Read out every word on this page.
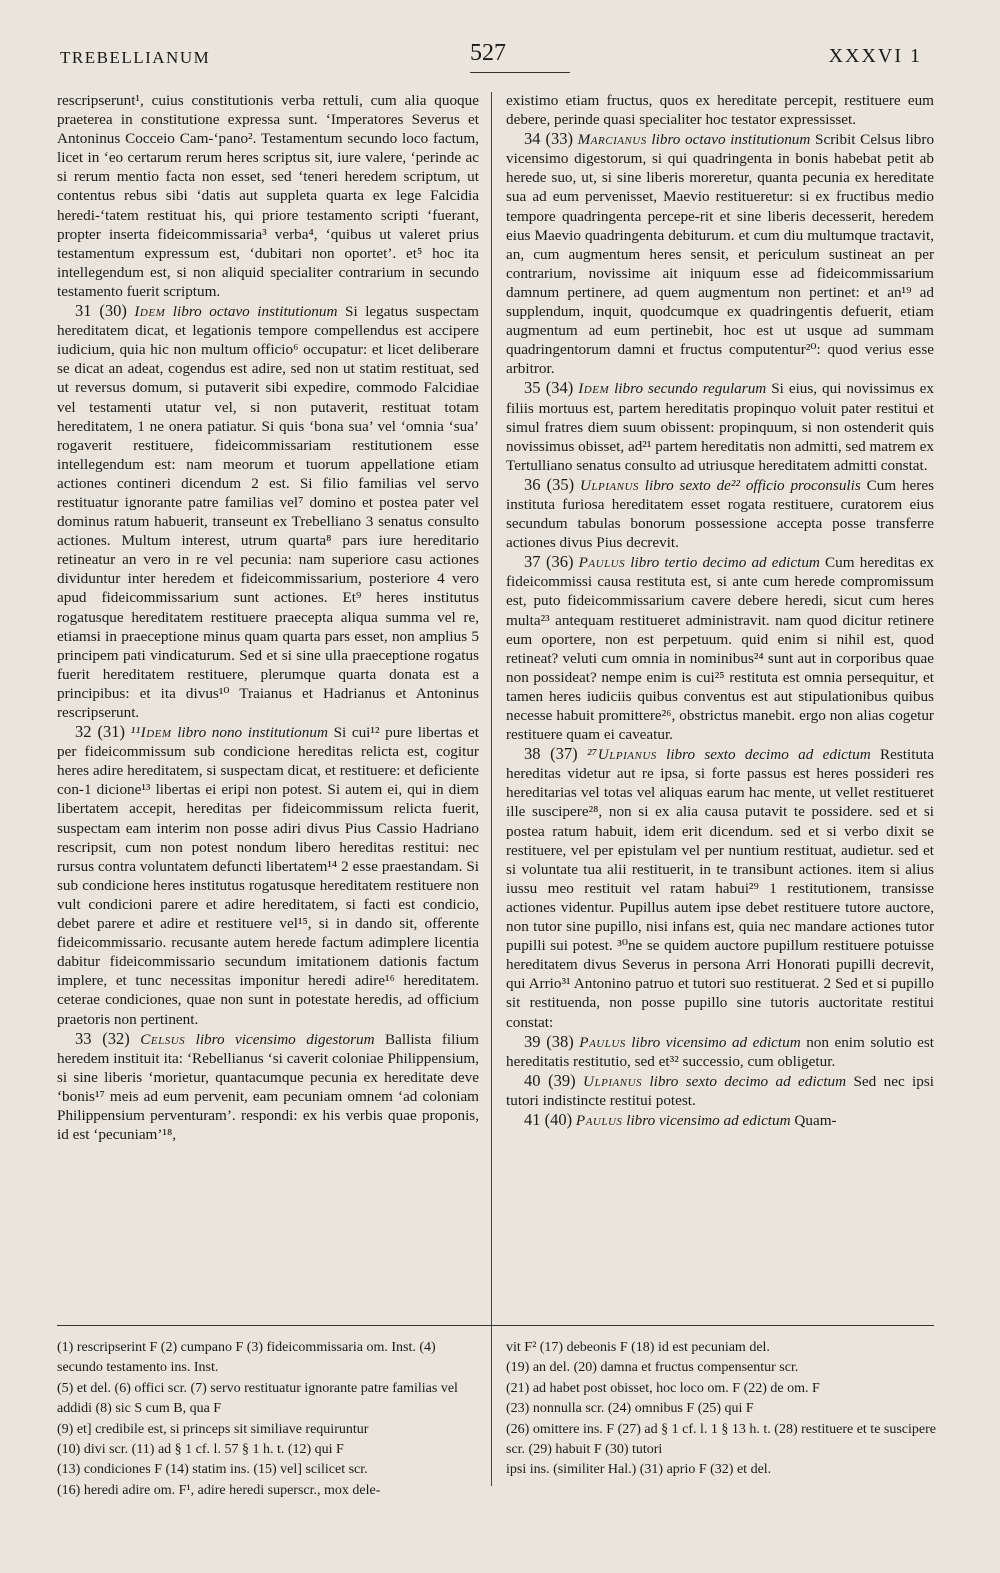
TREBELLIANUM	527	XXXVI 1

rescripserunt¹, cuius constitutionis verba rettuli, cum alia quoque praeterea in constitutione expressa sunt. ‘Imperatores Severus et Antoninus Cocceio Cam-‘pano². Testamentum secundo loco factum, licet in ‘eo certarum rerum heres scriptus sit, iure valere, ‘perinde ac si rerum mentio facta non esset, sed ‘teneri heredem scriptum, ut contentus rebus sibi ‘datis aut suppleta quarta ex lege Falcidia heredi-‘tatem restituat his, qui priore testamento scripti ‘fuerant, propter inserta fideicommissaria³ verba⁴, ‘quibus ut valeret prius testamentum expressum est, ‘dubitari non oportet’. et⁵ hoc ita intellegendum est, si non aliquid specialiter contrarium in secundo testamento fuerit scriptum.

31 (30) Idem libro octavo institutionum Si legatus suspectam hereditatem dicat, et legationis tempore compellendus est accipere iudicium, quia hic non multum officio⁶ occupatur: et licet deliberare se dicat an adeat, cogendus est adire, sed non ut statim restituat, sed ut reversus domum, si putaverit sibi expedire, commodo Falcidiae vel testamenti utatur vel, si non putaverit, restituat totam hereditatem, 1 ne onera patiatur. Si quis ‘bona sua’ vel ‘omnia ‘sua’ rogaverit restituere, fideicommissariam restitutionem esse intellegendum est: nam meorum et tuorum appellatione etiam actiones contineri dicendum 2 est. Si filio familias vel servo restituatur ignorante patre familias vel⁷ domino et postea pater vel dominus ratum habuerit, transeunt ex Trebelliano 3 senatus consulto actiones. Multum interest, utrum quarta⁸ pars iure hereditario retineatur an vero in re vel pecunia: nam superiore casu actiones dividuntur inter heredem et fideicommissarium, posteriore 4 vero apud fideicommissarium sunt actiones. Et⁹ heres institutus rogatusque hereditatem restituere praecepta aliqua summa vel re, etiamsi in praeceptione minus quam quarta pars esset, non amplius 5 principem pati vindicaturum. Sed et si sine ulla praeceptione rogatus fuerit hereditatem restituere, plerumque quarta donata est a principibus: et ita divus¹⁰ Traianus et Hadrianus et Antoninus rescripserunt.

32 (31) ¹¹Idem libro nono institutionum Si cui¹² pure libertas et per fideicommissum sub condicione hereditas relicta est, cogitur heres adire hereditatem, si suspectam dicat, et restituere: et deficiente con-1 dicione¹³ libertas ei eripi non potest. Si autem ei, qui in diem libertatem accepit, hereditas per fideicommissum relicta fuerit, suspectam eam interim non posse adiri divus Pius Cassio Hadriano rescripsit, cum non potest nondum libero hereditas restitui: nec rursus contra voluntatem defuncti libertatem¹⁴ 2 esse praestandam. Si sub condicione heres institutus rogatusque hereditatem restituere non vult condicioni parere et adire hereditatem, si facti est condicio, debet parere et adire et restituere vel¹⁵, si in dando sit, offerente fideicommissario. recusante autem herede factum adimplere licentia dabitur fideicommissario secundum imitationem dationis factum implere, et tunc necessitas imponitur heredi adire¹⁶ hereditatem. ceterae condiciones, quae non sunt in potestate heredis, ad officium praetoris non pertinent.

33 (32) Celsus libro vicensimo digestorum Ballista filium heredem instituit ita: ‘Rebellianus ‘si caverit coloniae Philippensium, si sine liberis ‘morietur, quantacumque pecunia ex hereditate deve ‘bonis¹⁷ meis ad eum pervenit, eam pecuniam omnem ‘ad coloniam Philippensium perventuram’. respondi: ex his verbis quae proponis, id est ‘pecuniam’¹⁸,

existimo etiam fructus, quos ex hereditate percepit, restituere eum debere, perinde quasi specialiter hoc testator expressisset.

34 (33) Marcianus libro octavo institutionum Scribit Celsus libro vicensimo digestorum, si qui quadringenta in bonis habebat petit ab herede suo, ut, si sine liberis moreretur, quanta pecunia ex hereditate sua ad eum pervenisset, Maevio restitueretur: si ex fructibus medio tempore quadringenta percepe-rit et sine liberis decesserit, heredem eius Maevio quadringenta debiturum. et cum diu multumque tractavit, an, cum augmentum heres sensit, et periculum sustineat an per contrarium, novissime ait iniquum esse ad fideicommissarium damnum pertinere, ad quem augmentum non pertinet: et an¹⁹ ad supplendum, inquit, quodcumque ex quadringentis defuerit, etiam augmentum ad eum pertinebit, hoc est ut usque ad summam quadringentorum damni et fructus computentur²⁰: quod verius esse arbitror.

35 (34) Idem libro secundo regularum Si eius, qui novissimus ex filiis mortuus est, partem hereditatis propinquo voluit pater restitui et simul fratres diem suum obissent: propinquum, si non ostenderit quis novissimus obisset, ad²¹ partem hereditatis non admitti, sed matrem ex Tertulliano senatus consulto ad utriusque hereditatem admitti constat.

36 (35) Ulpianus libro sexto de²² officio proconsulis Cum heres instituta furiosa hereditatem esset rogata restituere, curatorem eius secundum tabulas bonorum possessione accepta posse transferre actiones divus Pius decrevit.

37 (36) Paulus libro tertio decimo ad edictum Cum hereditas ex fideicommissi causa restituta est, si ante cum herede compromissum est, puto fideicommissarium cavere debere heredi, sicut cum heres multa²³ antequam restitueret administravit. nam quod dicitur retinere eum oportere, non est perpetuum. quid enim si nihil est, quod retineat? veluti cum omnia in nominibus²⁴ sunt aut in corporibus quae non possideat? nempe enim is cui²⁵ restituta est omnia persequitur, et tamen heres iudiciis quibus conventus est aut stipulationibus quibus necesse habuit promittere²⁶, obstrictus manebit. ergo non alias cogetur restituere quam ei caveatur.

38 (37) ²⁷Ulpianus libro sexto decimo ad edictum Restituta hereditas videtur aut re ipsa, si forte passus est heres possideri res hereditarias vel totas vel aliquas earum hac mente, ut vellet restitueret ille suscipere²⁸, non si ex alia causa putavit te possidere. sed et si postea ratum habuit, idem erit dicendum. sed et si verbo dixit se restituere, vel per epistulam vel per nuntium restituat, audietur. sed et si voluntate tua alii restituerit, in te transibunt actiones. item si alius iussu meo restituit vel ratam habui²⁹ 1 restitutionem, transisse actiones videntur. Pupillus autem ipse debet restituere tutore auctore, non tutor sine pupillo, nisi infans est, quia nec mandare actiones tutor pupilli sui potest. ³⁰ne se quidem auctore pupillum restituere potuisse hereditatem divus Severus in persona Arri Honorati pupilli decrevit, qui Arrio³¹ Antonino patruo et tutori suo restituerat. 2 Sed et si pupillo sit restituenda, non posse pupillo sine tutoris auctoritate restitui constat:

39 (38) Paulus libro vicensimo ad edictum non enim solutio est hereditatis restitutio, sed et³² successio, cum obligetur.

40 (39) Ulpianus libro sexto decimo ad edictum Sed nec ipsi tutori indistincte restitui potest.

41 (40) Paulus libro vicensimo ad edictum Quam-

(1) rescripserint F (2) cumpano F (3) fideicommissaria om. Inst. (4) secundo testamento ins. Inst.

(5) et del. (6) offici scr. (7) servo restituatur ignorante patre familias vel addidi (8) sic S cum B, qua F

(9) et] credibile est, si princeps sit similiave requiruntur

(10) divi scr. (11) ad § 1 cf. l. 57 § 1 h. t. (12) qui F

(13) condiciones F (14) statim ins. (15) vel] scilicet scr.

(16) heredi adire om. F¹, adire heredi superscr., mox dele-

vit F² (17) debeonis F (18) id est pecuniam del.

(19) an del. (20) damna et fructus compensentur scr.

(21) ad habet post obisset, hoc loco om. F (22) de om. F

(23) nonnulla scr. (24) omnibus F (25) qui F

(26) omittere ins. F (27) ad § 1 cf. l. 1 § 13 h. t. (28) restituere et te suscipere scr. (29) habuit F (30) tutori

ipsi ins. (similiter Hal.) (31) aprio F (32) et del.
